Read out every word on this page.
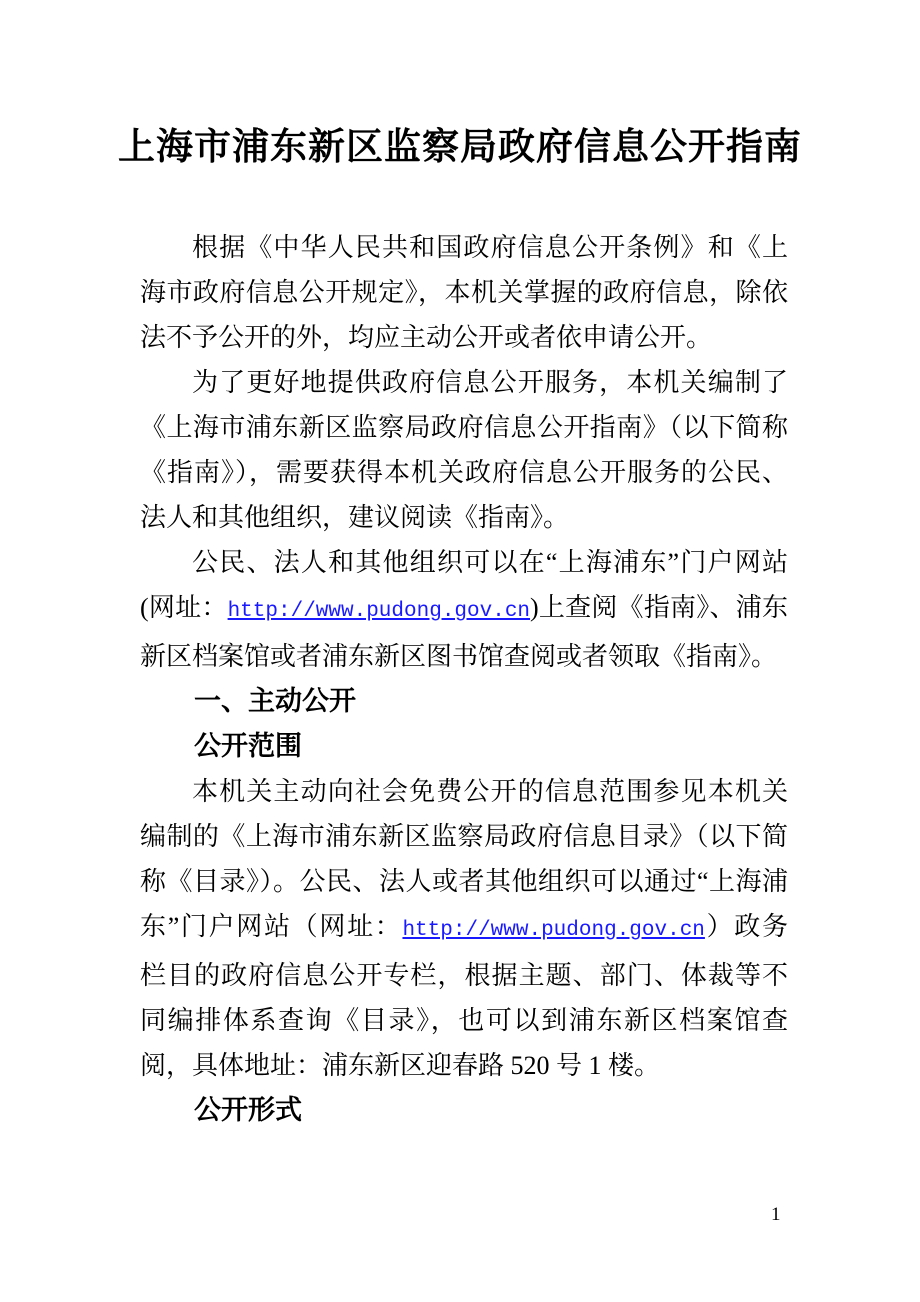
上海市浦东新区监察局政府信息公开指南

根据《中华人民共和国政府信息公开条例》和《上海市政府信息公开规定》，本机关掌握的政府信息，除依法不予公开的外，均应主动公开或者依申请公开。

为了更好地提供政府信息公开服务，本机关编制了《上海市浦东新区监察局政府信息公开指南》（以下简称《指南》），需要获得本机关政府信息公开服务的公民、法人和其他组织，建议阅读《指南》。

公民、法人和其他组织可以在“上海浦东”门户网站(网址：http://www.pudong.gov.cn)上查阅《指南》、浦东新区档案馆或者浦东新区图书馆查阅或者领取《指南》。

一、主动公开

公开范围

本机关主动向社会免费公开的信息范围参见本机关编制的《上海市浦东新区监察局政府信息目录》（以下简称《目录》）。公民、法人或者其他组织可以通过“上海浦东”门户网站（网址：http://www.pudong.gov.cn）政务栏目的政府信息公开专栏，根据主题、部门、体裁等不同编排体系查询《目录》，也可以到浦东新区档案馆查阅，具体地址：浦东新区迎春路 520 号 1 楼。

公开形式

1
